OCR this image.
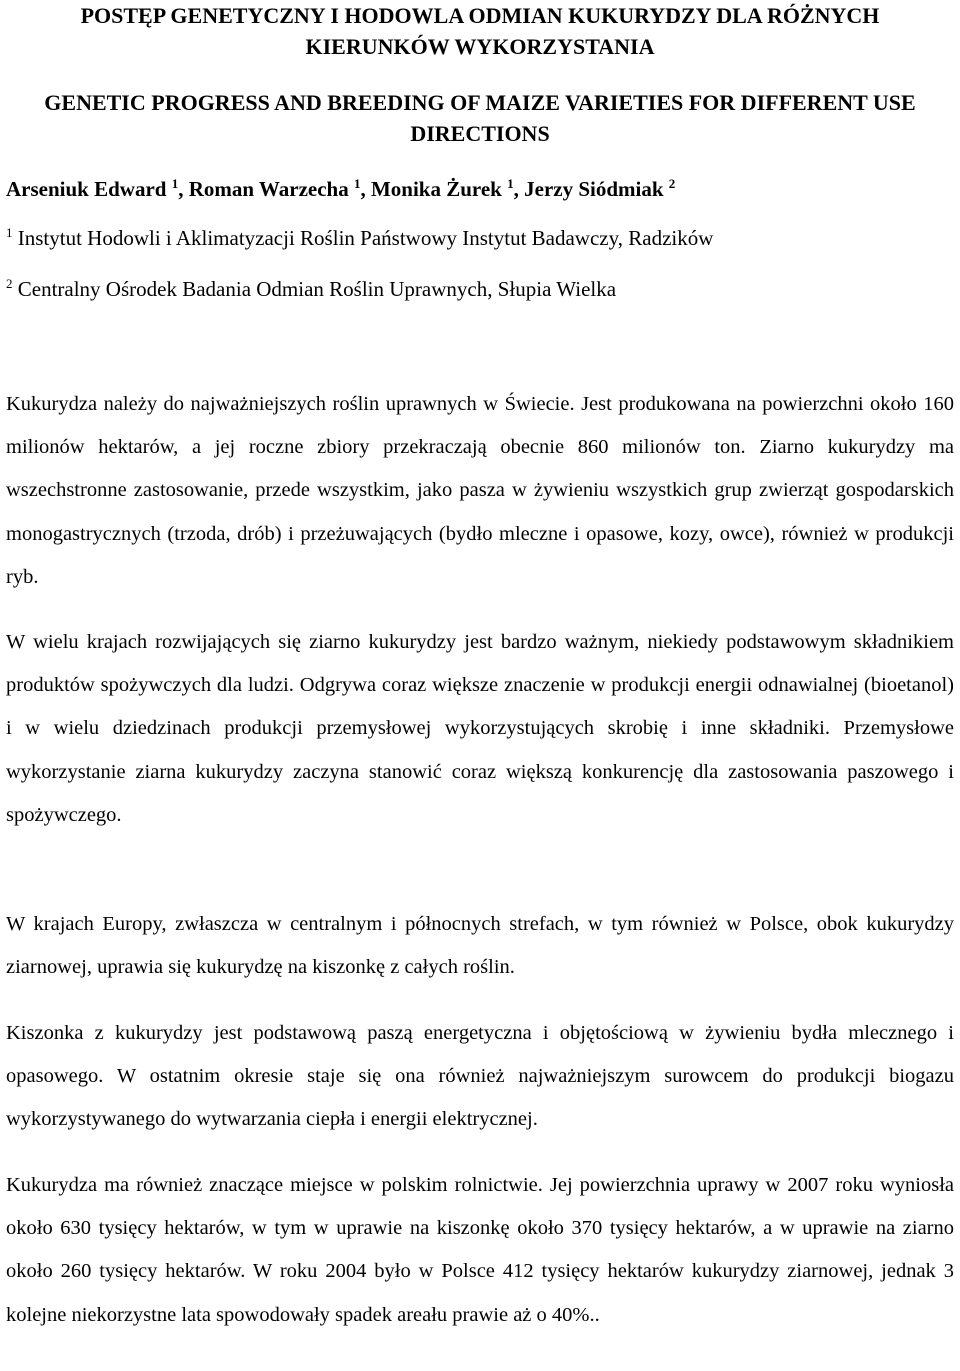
POSTĘP GENETYCZNY I HODOWLA ODMIAN KUKURYDZY DLA RÓŻNYCH KIERUNKÓW WYKORZYSTANIA
GENETIC PROGRESS AND BREEDING OF MAIZE VARIETIES FOR DIFFERENT USE DIRECTIONS
Arseniuk Edward $^1$, Roman Warzecha $^1$, Monika Żurek $^1$, Jerzy Siódmiak $^2$
$^1$ Instytut Hodowli i Aklimatyzacji Roślin Państwowy Instytut Badawczy, Radzików
$^2$ Centralny Ośrodek Badania Odmian Roślin Uprawnych, Słupia Wielka

Kukurydza należy do najważniejszych roślin uprawnych w Świecie. Jest produkowana na powierzchni około 160 milionów hektarów, a jej roczne zbiory przekraczają obecnie 860 milionów ton. Ziarno kukurydzy ma wszechstronne zastosowanie, przede wszystkim, jako pasza w żywieniu wszystkich grup zwierząt gospodarskich monogastrycznych (trzoda, drób) i przeżuwających (bydło mleczne i opasowe, kozy, owce), również w produkcji ryb.

W wielu krajach rozwijających się ziarno kukurydzy jest bardzo ważnym, niekiedy podstawowym składnikiem produktów spożywczych dla ludzi. Odgrywa coraz większe znaczenie w produkcji energii odnawialnej (bioetanol) i w wielu dziedzinach produkcji przemysłowej wykorzystujących skrobię i inne składniki. Przemysłowe wykorzystanie ziarna kukurydzy zaczyna stanowić coraz większą konkurencję dla zastosowania paszowego i spożywczego.

W krajach Europy, zwłaszcza w centralnym i północnych strefach, w tym również w Polsce, obok kukurydzy ziarnowej, uprawia się kukurydzę na kiszonkę z całych roślin.

Kiszonka z kukurydzy jest podstawową paszą energetyczna i objętościową w żywieniu bydła mlecznego i opasowego. W ostatnim okresie staje się ona również najważniejszym surowcem do produkcji biogazu wykorzystywanego do wytwarzania ciepła i energii elektrycznej.

Kukurydza ma również znaczące miejsce w polskim rolnictwie. Jej powierzchnia uprawy w 2007 roku wyniosła około 630 tysięcy hektarów, w tym w uprawie na kiszonkę około 370 tysięcy hektarów, a w uprawie na ziarno około 260 tysięcy hektarów. W roku 2004 było w Polsce 412 tysięcy hektarów kukurydzy ziarnowej, jednak 3 kolejne niekorzystne lata spowodowały spadek areału prawie aż o 40%..
